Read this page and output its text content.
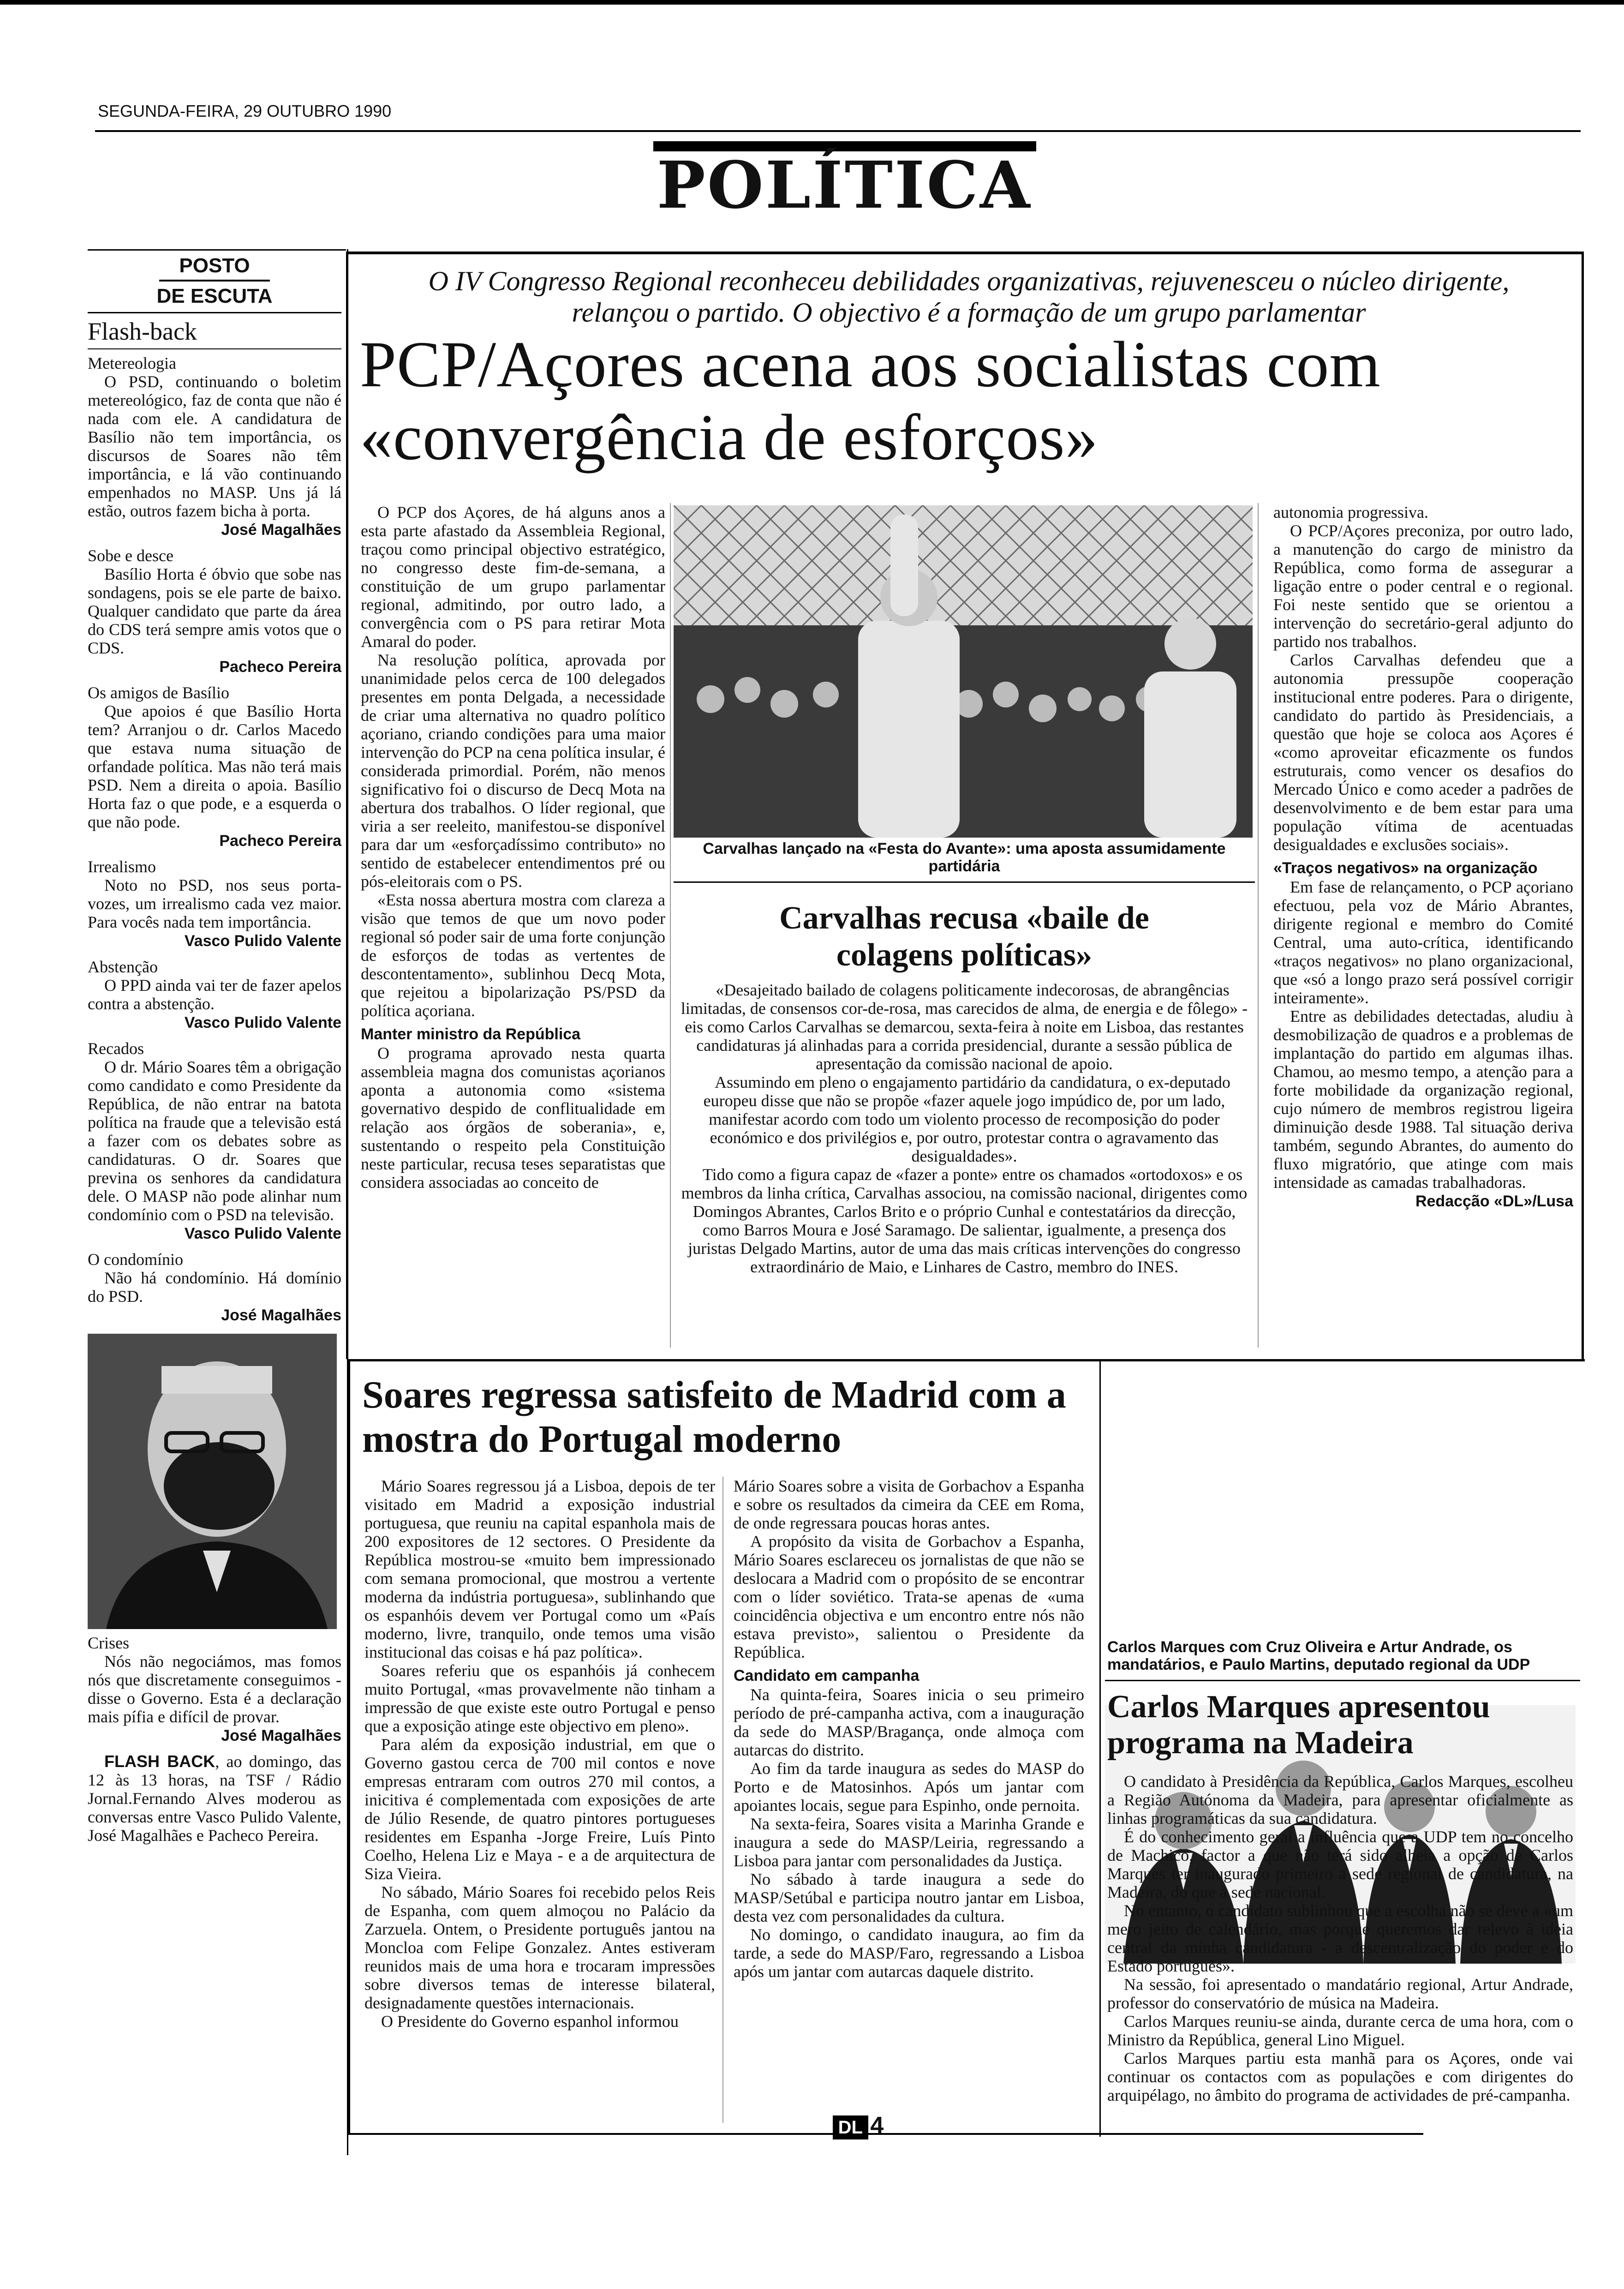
SEGUNDA-FEIRA, 29 OUTUBRO 1990
POLÍTICA
POSTO
DE ESCUTA
Flash-back
Metereologia

O PSD, continuando o boletim metereológico, faz de conta que não é nada com ele. A candidatura de Basílio não tem importância, os discursos de Soares não têm importância, e lá vão continuando empenhados no MASP. Uns já lá estão, outros fazem bicha à porta.

José Magalhães
Sobe e desce

Basílio Horta é óbvio que sobe nas sondagens, pois se ele parte de baixo. Qualquer candidato que parte da área do CDS terá sempre amis votos que o CDS.

Pacheco Pereira
Os amigos de Basílio

Que apoios é que Basílio Horta tem? Arranjou o dr. Carlos Macedo que estava numa situação de orfandade política. Mas não terá mais PSD. Nem a direita o apoia. Basílio Horta faz o que pode, e a esquerda o que não pode.

Pacheco Pereira
Irrealismo

Noto no PSD, nos seus porta-vozes, um irrealismo cada vez maior. Para vocês nada tem importância.

Vasco Pulido Valente
Abstenção

O PPD ainda vai ter de fazer apelos contra a abstenção.

Vasco Pulido Valente
Recados

O dr. Mário Soares têm a obrigação como candidato e como Presidente da República, de não entrar na batota política na fraude que a televisão está a fazer com os debates sobre as candidaturas. O dr. Soares que previna os senhores da candidatura dele. O MASP não pode alinhar num condomínio com o PSD na televisão.

Vasco Pulido Valente
O condomínio

Não há condomínio. Há domínio do PSD.

José Magalhães
Crises

Nós não negociámos, mas fomos nós que discretamente conseguimos - disse o Governo. Esta é a declaração mais pífia e difícil de provar.

José Magalhães

FLASH BACK, ao domingo, das 12 às 13 horas, na TSF / Rádio Jornal.Fernando Alves moderou as conversas entre Vasco Pulido Valente, José Magalhães e Pacheco Pereira.

O IV Congresso Regional reconheceu debilidades organizativas, rejuvenesceu o núcleo dirigente, relançou o partido. O objectivo é a formação de um grupo parlamentar
PCP/Açores acena aos socialistas com «convergência de esforços»

O PCP dos Açores, de há alguns anos a esta parte afastado da Assembleia Regional, traçou como principal objectivo estratégico, no congresso deste fim-de-semana, a constituição de um grupo parlamentar regional, admitindo, por outro lado, a convergência com o PS para retirar Mota Amaral do poder.

Na resolução política, aprovada por unanimidade pelos cerca de 100 delegados presentes em ponta Delgada, a necessidade de criar uma alternativa no quadro político açoriano, criando condições para uma maior intervenção do PCP na cena política insular, é considerada primordial. Porém, não menos significativo foi o discurso de Decq Mota na abertura dos trabalhos. O líder regional, que viria a ser reeleito, manifestou-se disponível para dar um «esforçadíssimo contributo» no sentido de estabelecer entendimentos pré ou pós-eleitorais com o PS.

«Esta nossa abertura mostra com clareza a visão que temos de que um novo poder regional só poder sair de uma forte conjunção de esforços de todas as vertentes de descontentamento», sublinhou Decq Mota, que rejeitou a bipolarização PS/PSD da política açoriana.

Manter ministro da República

O programa aprovado nesta quarta assembleia magna dos comunistas açorianos aponta a autonomia como «sistema governativo despido de conflitualidade em relação aos órgãos de soberania», e, sustentando o respeito pela Constituição neste particular, recusa teses separatistas que considera associadas ao conceito de

Carvalhas lançado na «Festa do Avante»: uma aposta assumidamente partidária
Carvalhas recusa «baile de colagens políticas»

«Desajeitado bailado de colagens politicamente indecorosas, de abrangências limitadas, de consensos cor-de-rosa, mas carecidos de alma, de energia e de fôlego» - eis como Carlos Carvalhas se demarcou, sexta-feira à noite em Lisboa, das restantes candidaturas já alinhadas para a corrida presidencial, durante a sessão pública de apresentação da comissão nacional de apoio.

Assumindo em pleno o engajamento partidário da candidatura, o ex-deputado europeu disse que não se propõe «fazer aquele jogo impúdico de, por um lado, manifestar acordo com todo um violento processo de recomposição do poder económico e dos privilégios e, por outro, protestar contra o agravamento das desigualdades».

Tido como a figura capaz de «fazer a ponte» entre os chamados «ortodoxos» e os membros da linha crítica, Carvalhas associou, na comissão nacional, dirigentes como Domingos Abrantes, Carlos Brito e o próprio Cunhal e contestatários da direcção, como Barros Moura e José Saramago. De salientar, igualmente, a presença dos juristas Delgado Martins, autor de uma das mais críticas intervenções do congresso extraordinário de Maio, e Linhares de Castro, membro do INES.

autonomia progressiva.

O PCP/Açores preconiza, por outro lado, a manutenção do cargo de ministro da República, como forma de assegurar a ligação entre o poder central e o regional. Foi neste sentido que se orientou a intervenção do secretário-geral adjunto do partido nos trabalhos.

Carlos Carvalhas defendeu que a autonomia pressupõe cooperação institucional entre poderes. Para o dirigente, candidato do partido às Presidenciais, a questão que hoje se coloca aos Açores é «como aproveitar eficazmente os fundos estruturais, como vencer os desafios do Mercado Único e como aceder a padrões de desenvolvimento e de bem estar para uma população vítima de acentuadas desigualdades e exclusões sociais».

«Traços negativos» na organização

Em fase de relançamento, o PCP açoriano efectuou, pela voz de Mário Abrantes, dirigente regional e membro do Comité Central, uma auto-crítica, identificando «traços negativos» no plano organizacional, que «só a longo prazo será possível corrigir inteiramente».

Entre as debilidades detectadas, aludiu à desmobilização de quadros e a problemas de implantação do partido em algumas ilhas. Chamou, ao mesmo tempo, a atenção para a forte mobilidade da organização regional, cujo número de membros registrou ligeira diminuição desde 1988. Tal situação deriva também, segundo Abrantes, do aumento do fluxo migratório, que atinge com mais intensidade as camadas trabalhadoras.

Redacção «DL»/Lusa
Soares regressa satisfeito de Madrid com a mostra do Portugal moderno

Mário Soares regressou já a Lisboa, depois de ter visitado em Madrid a exposição industrial portuguesa, que reuniu na capital espanhola mais de 200 expositores de 12 sectores. O Presidente da República mostrou-se «muito bem impressionado com semana promocional, que mostrou a vertente moderna da indústria portuguesa», sublinhando que os espanhóis devem ver Portugal como um «País moderno, livre, tranquilo, onde temos uma visão institucional das coisas e há paz política».

Soares referiu que os espanhóis já conhecem muito Portugal, «mas provavelmente não tinham a impressão de que existe este outro Portugal e penso que a exposição atinge este objectivo em pleno».

Para além da exposição industrial, em que o Governo gastou cerca de 700 mil contos e nove empresas entraram com outros 270 mil contos, a inicitiva é complementada com exposições de arte de Júlio Resende, de quatro pintores portugueses residentes em Espanha -Jorge Freire, Luís Pinto Coelho, Helena Liz e Maya - e a de arquitectura de Siza Vieira.

No sábado, Mário Soares foi recebido pelos Reis de Espanha, com quem almoçou no Palácio da Zarzuela. Ontem, o Presidente português jantou na Moncloa com Felipe Gonzalez. Antes estiveram reunidos mais de uma hora e trocaram impressões sobre diversos temas de interesse bilateral, designadamente questões internacionais.

O Presidente do Governo espanhol informou

Mário Soares sobre a visita de Gorbachov a Espanha e sobre os resultados da cimeira da CEE em Roma, de onde regressara poucas horas antes.

A propósito da visita de Gorbachov a Espanha, Mário Soares esclareceu os jornalistas de que não se deslocara a Madrid com o propósito de se encontrar com o líder soviético. Trata-se apenas de «uma coincidência objectiva e um encontro entre nós não estava previsto», salientou o Presidente da República.

Candidato em campanha

Na quinta-feira, Soares inicia o seu primeiro período de pré-campanha activa, com a inauguração da sede do MASP/Bragança, onde almoça com autarcas do distrito.

Ao fim da tarde inaugura as sedes do MASP do Porto e de Matosinhos. Após um jantar com apoiantes locais, segue para Espinho, onde pernoita.

Na sexta-feira, Soares visita a Marinha Grande e inaugura a sede do MASP/Leiria, regressando a Lisboa para jantar com personalidades da Justiça.

No sábado à tarde inaugura a sede do MASP/Setúbal e participa noutro jantar em Lisboa, desta vez com personalidades da cultura.

No domingo, o candidato inaugura, ao fim da tarde, a sede do MASP/Faro, regressando a Lisboa após um jantar com autarcas daquele distrito.

DL 4
Carlos Marques com Cruz Oliveira e Artur Andrade, os mandatários, e Paulo Martins, deputado regional da UDP
Carlos Marques apresentou programa na Madeira

O candidato à Presidência da República, Carlos Marques, escolheu a Região Autónoma da Madeira, para apresentar oficialmente as linhas programáticas da sua candidatura.

É do conhecimento geral a influência que a UDP tem no concelho de Machico, factor a que não terá sido alheia a opção de Carlos Marques ter inaugurado primeiro a sede regional de candidatura, na Madeira, do que a sede nacional.

No entanto, o candidato sublinhou que a escolha não se deve a «um mero jeito de calendário, mas porque queremos dar relevo à ideia central da minha candidatura - a descentralização do poder e do Estado português».

Na sessão, foi apresentado o mandatário regional, Artur Andrade, professor do conservatório de música na Madeira.

Carlos Marques reuniu-se ainda, durante cerca de uma hora, com o Ministro da República, general Lino Miguel.

Carlos Marques partiu esta manhã para os Açores, onde vai continuar os contactos com as populações e com dirigentes do arquipélago, no âmbito do programa de actividades de pré-campanha.
